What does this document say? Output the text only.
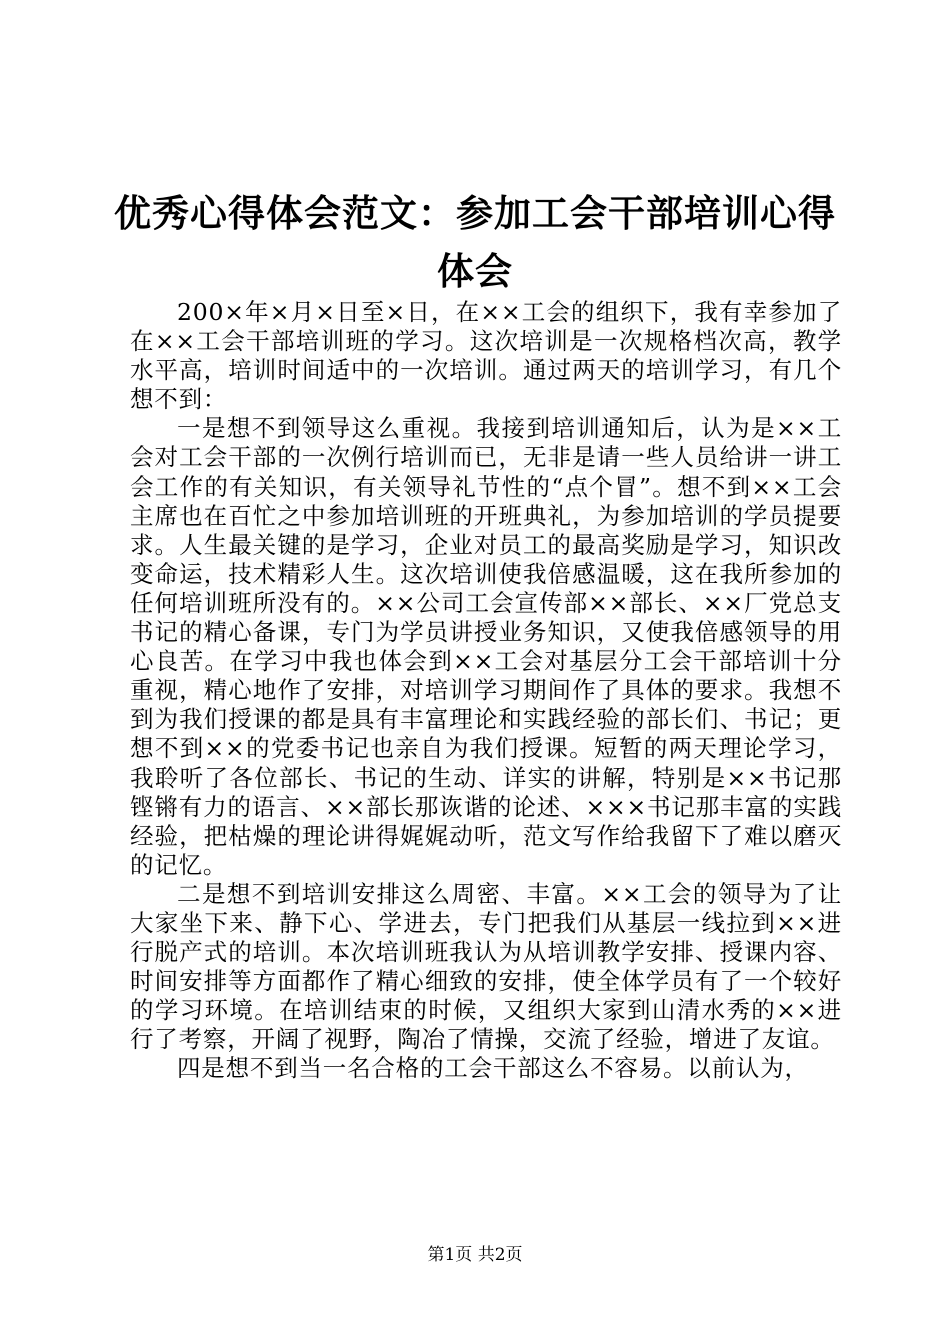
优秀心得体会范文：参加工会干部培训心得体会

200×年×月×日至×日，在××工会的组织下，我有幸参加了在××工会干部培训班的学习。这次培训是一次规格档次高，教学水平高，培训时间适中的一次培训。通过两天的培训学习，有几个想不到：

一是想不到领导这么重视。我接到培训通知后，认为是××工会对工会干部的一次例行培训而已，无非是请一些人员给讲一讲工会工作的有关知识，有关领导礼节性的“点个冒”。想不到××工会主席也在百忙之中参加培训班的开班典礼，为参加培训的学员提要求。人生最关键的是学习，企业对员工的最高奖励是学习，知识改变命运，技术精彩人生。这次培训使我倍感温暖，这在我所参加的任何培训班所没有的。××公司工会宣传部××部长、××厂党总支书记的精心备课，专门为学员讲授业务知识，又使我倍感领导的用心良苦。在学习中我也体会到××工会对基层分工会干部培训十分重视，精心地作了安排，对培训学习期间作了具体的要求。我想不到为我们授课的都是具有丰富理论和实践经验的部长们、书记；更想不到××的党委书记也亲自为我们授课。短暂的两天理论学习，我聆听了各位部长、书记的生动、详实的讲解，特别是××书记那铿锵有力的语言、××部长那诙谐的论述、×××书记那丰富的实践经验，把枯燥的理论讲得娓娓动听，范文写作给我留下了难以磨灭的记忆。

二是想不到培训安排这么周密、丰富。××工会的领导为了让大家坐下来、静下心、学进去，专门把我们从基层一线拉到××进行脱产式的培训。本次培训班我认为从培训教学安排、授课内容、时间安排等方面都作了精心细致的安排，使全体学员有了一个较好的学习环境。在培训结束的时候，又组织大家到山清水秀的××进行了考察，开阔了视野，陶冶了情操，交流了经验，增进了友谊。

四是想不到当一名合格的工会干部这么不容易。以前认为，

第1页 共2页
